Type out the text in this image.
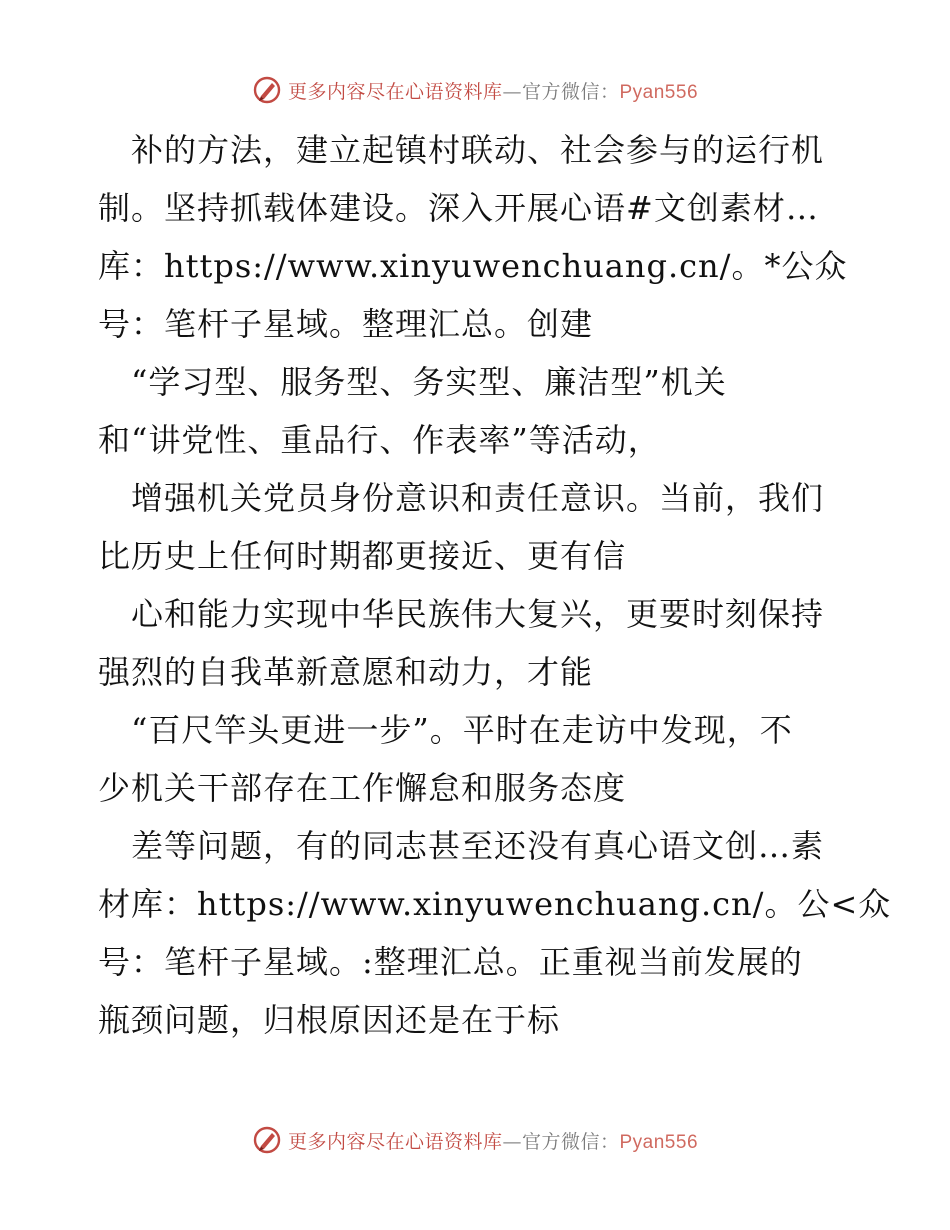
更多内容尽在心语资料库—官方微信：Pyan556
　补的方法，建立起镇村联动、社会参与的运行机
制。坚持抓载体建设。深入开展心语#文创素材…
库：https://www.xinyuwenchuang.cn/。*公众
号：笔杆子星域。整理汇总。创建
　“学习型、服务型、务实型、廉洁型”机关
和“讲党性、重品行、作表率”等活动，
　增强机关党员身份意识和责任意识。当前，我们
比历史上任何时期都更接近、更有信
　心和能力实现中华民族伟大复兴，更要时刻保持
强烈的自我革新意愿和动力，才能
　“百尺竿头更进一步”。平时在走访中发现，不
少机关干部存在工作懈怠和服务态度
　差等问题，有的同志甚至还没有真心语文创…素
材库：https://www.xinyuwenchuang.cn/。公<众
号：笔杆子星域。:整理汇总。正重视当前发展的
瓶颈问题，归根原因还是在于标
更多内容尽在心语资料库—官方微信：Pyan556
